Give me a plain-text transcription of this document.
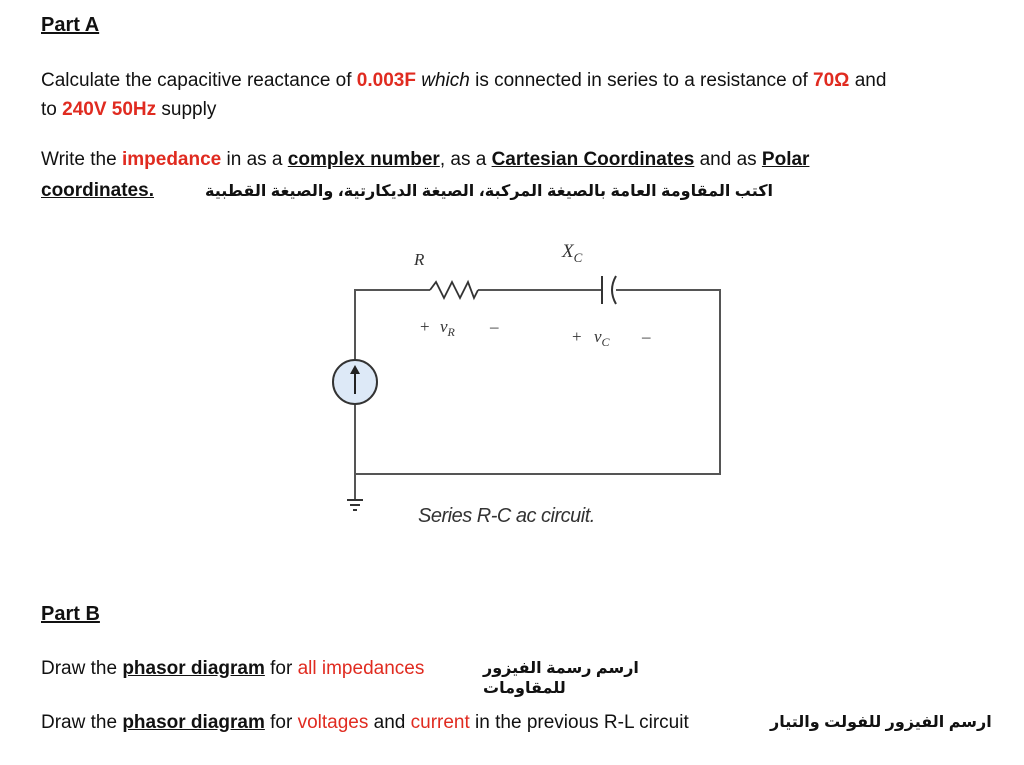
Part A
Calculate the capacitive reactance of 0.003F which is connected in series to a resistance of 70Ω and
to 240V 50Hz supply
Write the impedance in as a complex number, as a Cartesian Coordinates and as Polar
coordinates.	اكتب المقاومة العامة بالصيغة المركبة، الصيغة الديكارتية، والصيغة القطبية
R	$X_C$
+ $v_R$ –
+ $v_C$ –
Series R-C ac circuit.
Part B
Draw the phasor diagram for all impedances	ارسم رسمة الفيزور للمقاومات
Draw the phasor diagram for voltages and current in the previous R-L circuit	ارسم الفيزور للفولت والتيار
